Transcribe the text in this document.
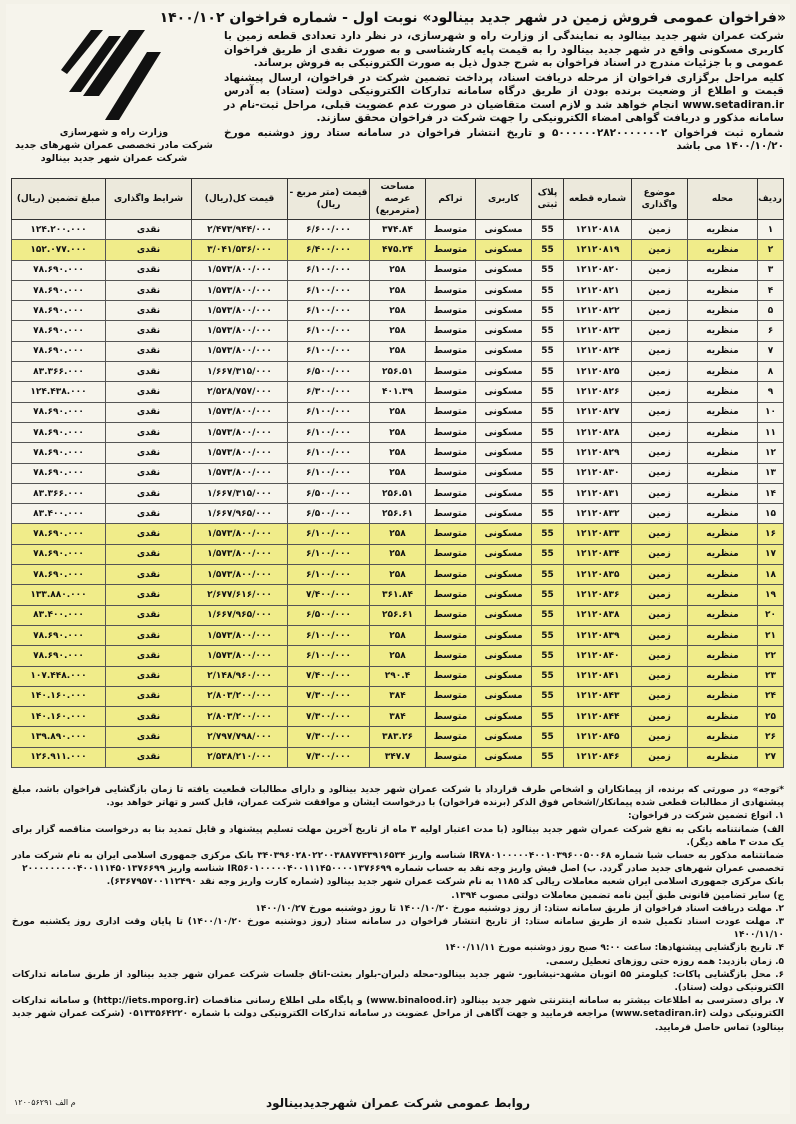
«فراخوان عمومی فروش زمین در شهر جدید بینالود» نوبت اول - شماره فراخوان ۱۴۰۰/۱۰۲
وزارت راه و شهرسازی
شرکت مادر تخصصی عمران شهرهای جدید
شرکت عمران شهر جدید بینالود

شرکت عمران شهر جدید بینالود به نمایندگی از وزارت راه و شهرسازی، در نظر دارد تعدادی قطعه زمین با کاربری مسکونی واقع در شهر جدید بینالود را به قیمت پایه کارشناسی و به صورت نقدی از طریق فراخوان عمومی و با جزئیات مندرج در اسناد فراخوان به شرح جدول ذیل به صورت الکترونیکی به فروش برساند.

کلیه مراحل برگزاری فراخوان از مرحله دریافت اسناد، پرداخت تضمین شرکت در فراخوان، ارسال پیشنهاد قیمت و اطلاع از وضعیت برنده بودن از طریق درگاه سامانه تدارکات الکترونیکی دولت (ستاد) به آدرس www.setadiran.ir انجام خواهد شد و لازم است متقاضیان در صورت عدم عضویت قبلی، مراحل ثبت-نام در سامانه مذکور و دریافت گواهی امضاء الکترونیکی را جهت شرکت در فراخوان محقق سازند.

شماره ثبت فراخوان ۵۰۰۰۰۰۰۲۸۲۰۰۰۰۰۰۰۲ و تاریخ انتشار فراخوان در سامانه ستاد روز دوشنبه مورخ ۱۴۰۰/۱۰/۲۰ می باشد

ردیف	محله	موضوع واگذاری	شماره قطعه	پلاک ثبتی	کاربری	تراکم	مساحت عرصه (مترمربع)	قیمت (متر مربع - ریال)	قیمت کل(ریال)	شرایط واگذاری	مبلغ تضمین (ریال)
۱	منظریه	زمین	۱۲۱۲۰۸۱۸	55	مسکونی	متوسط	۳۷۴.۸۴	۶/۶۰۰/۰۰۰	۲/۴۷۳/۹۴۴/۰۰۰	نقدی	۱۲۴.۲۰۰.۰۰۰
۲	منظریه	زمین	۱۲۱۲۰۸۱۹	55	مسکونی	متوسط	۴۷۵.۲۴	۶/۴۰۰/۰۰۰	۳/۰۴۱/۵۳۶/۰۰۰	نقدی	۱۵۲.۰۷۷.۰۰۰
۳	منظریه	زمین	۱۲۱۲۰۸۲۰	55	مسکونی	متوسط	۲۵۸	۶/۱۰۰/۰۰۰	۱/۵۷۳/۸۰۰/۰۰۰	نقدی	۷۸.۶۹۰.۰۰۰
۴	منظریه	زمین	۱۲۱۲۰۸۲۱	55	مسکونی	متوسط	۲۵۸	۶/۱۰۰/۰۰۰	۱/۵۷۳/۸۰۰/۰۰۰	نقدی	۷۸.۶۹۰.۰۰۰
۵	منظریه	زمین	۱۲۱۲۰۸۲۲	55	مسکونی	متوسط	۲۵۸	۶/۱۰۰/۰۰۰	۱/۵۷۳/۸۰۰/۰۰۰	نقدی	۷۸.۶۹۰.۰۰۰
۶	منظریه	زمین	۱۲۱۲۰۸۲۳	55	مسکونی	متوسط	۲۵۸	۶/۱۰۰/۰۰۰	۱/۵۷۳/۸۰۰/۰۰۰	نقدی	۷۸.۶۹۰.۰۰۰
۷	منظریه	زمین	۱۲۱۲۰۸۲۴	55	مسکونی	متوسط	۲۵۸	۶/۱۰۰/۰۰۰	۱/۵۷۳/۸۰۰/۰۰۰	نقدی	۷۸.۶۹۰.۰۰۰
۸	منظریه	زمین	۱۲۱۲۰۸۲۵	55	مسکونی	متوسط	۲۵۶.۵۱	۶/۵۰۰/۰۰۰	۱/۶۶۷/۳۱۵/۰۰۰	نقدی	۸۳.۳۶۶.۰۰۰
۹	منظریه	زمین	۱۲۱۲۰۸۲۶	55	مسکونی	متوسط	۴۰۱.۳۹	۶/۳۰۰/۰۰۰	۲/۵۲۸/۷۵۷/۰۰۰	نقدی	۱۲۴.۴۳۸.۰۰۰
۱۰	منظریه	زمین	۱۲۱۲۰۸۲۷	55	مسکونی	متوسط	۲۵۸	۶/۱۰۰/۰۰۰	۱/۵۷۳/۸۰۰/۰۰۰	نقدی	۷۸.۶۹۰.۰۰۰
۱۱	منظریه	زمین	۱۲۱۲۰۸۲۸	55	مسکونی	متوسط	۲۵۸	۶/۱۰۰/۰۰۰	۱/۵۷۳/۸۰۰/۰۰۰	نقدی	۷۸.۶۹۰.۰۰۰
۱۲	منظریه	زمین	۱۲۱۲۰۸۲۹	55	مسکونی	متوسط	۲۵۸	۶/۱۰۰/۰۰۰	۱/۵۷۳/۸۰۰/۰۰۰	نقدی	۷۸.۶۹۰.۰۰۰
۱۳	منظریه	زمین	۱۲۱۲۰۸۳۰	55	مسکونی	متوسط	۲۵۸	۶/۱۰۰/۰۰۰	۱/۵۷۳/۸۰۰/۰۰۰	نقدی	۷۸.۶۹۰.۰۰۰
۱۴	منظریه	زمین	۱۲۱۲۰۸۳۱	55	مسکونی	متوسط	۲۵۶.۵۱	۶/۵۰۰/۰۰۰	۱/۶۶۷/۳۱۵/۰۰۰	نقدی	۸۳.۳۶۶.۰۰۰
۱۵	منظریه	زمین	۱۲۱۲۰۸۳۲	55	مسکونی	متوسط	۲۵۶.۶۱	۶/۵۰۰/۰۰۰	۱/۶۶۷/۹۶۵/۰۰۰	نقدی	۸۳.۴۰۰.۰۰۰
۱۶	منظریه	زمین	۱۲۱۲۰۸۳۳	55	مسکونی	متوسط	۲۵۸	۶/۱۰۰/۰۰۰	۱/۵۷۳/۸۰۰/۰۰۰	نقدی	۷۸.۶۹۰.۰۰۰
۱۷	منظریه	زمین	۱۲۱۲۰۸۳۴	55	مسکونی	متوسط	۲۵۸	۶/۱۰۰/۰۰۰	۱/۵۷۳/۸۰۰/۰۰۰	نقدی	۷۸.۶۹۰.۰۰۰
۱۸	منظریه	زمین	۱۲۱۲۰۸۳۵	55	مسکونی	متوسط	۲۵۸	۶/۱۰۰/۰۰۰	۱/۵۷۳/۸۰۰/۰۰۰	نقدی	۷۸.۶۹۰.۰۰۰
۱۹	منظریه	زمین	۱۲۱۲۰۸۳۶	55	مسکونی	متوسط	۳۶۱.۸۴	۷/۴۰۰/۰۰۰	۲/۶۷۷/۶۱۶/۰۰۰	نقدی	۱۳۳.۸۸۰.۰۰۰
۲۰	منظریه	زمین	۱۲۱۲۰۸۳۸	55	مسکونی	متوسط	۲۵۶.۶۱	۶/۵۰۰/۰۰۰	۱/۶۶۷/۹۶۵/۰۰۰	نقدی	۸۳.۴۰۰.۰۰۰
۲۱	منظریه	زمین	۱۲۱۲۰۸۳۹	55	مسکونی	متوسط	۲۵۸	۶/۱۰۰/۰۰۰	۱/۵۷۳/۸۰۰/۰۰۰	نقدی	۷۸.۶۹۰.۰۰۰
۲۲	منظریه	زمین	۱۲۱۲۰۸۴۰	55	مسکونی	متوسط	۲۵۸	۶/۱۰۰/۰۰۰	۱/۵۷۳/۸۰۰/۰۰۰	نقدی	۷۸.۶۹۰.۰۰۰
۲۳	منظریه	زمین	۱۲۱۲۰۸۴۱	55	مسکونی	متوسط	۲۹۰.۴	۷/۴۰۰/۰۰۰	۲/۱۴۸/۹۶۰/۰۰۰	نقدی	۱۰۷.۴۴۸.۰۰۰
۲۴	منظریه	زمین	۱۲۱۲۰۸۴۳	55	مسکونی	متوسط	۳۸۴	۷/۳۰۰/۰۰۰	۲/۸۰۳/۲۰۰/۰۰۰	نقدی	۱۴۰.۱۶۰.۰۰۰
۲۵	منظریه	زمین	۱۲۱۲۰۸۴۴	55	مسکونی	متوسط	۳۸۴	۷/۳۰۰/۰۰۰	۲/۸۰۳/۲۰۰/۰۰۰	نقدی	۱۴۰.۱۶۰.۰۰۰
۲۶	منظریه	زمین	۱۲۱۲۰۸۴۵	55	مسکونی	متوسط	۳۸۳.۲۶	۷/۳۰۰/۰۰۰	۲/۷۹۷/۷۹۸/۰۰۰	نقدی	۱۳۹.۸۹۰.۰۰۰
۲۷	منظریه	زمین	۱۲۱۲۰۸۴۶	55	مسکونی	متوسط	۳۴۷.۷	۷/۳۰۰/۰۰۰	۲/۵۳۸/۲۱۰/۰۰۰	نقدی	۱۲۶.۹۱۱.۰۰۰

*توجه» در صورتی که برنده، از پیمانکاران و اشخاص طرف قرارداد با شرکت عمران شهر جدید بینالود و دارای مطالبات قطعیت یافته تا زمان بازگشایی فراخوان باشد، مبلغ پیشنهادی از مطالبات قطعی شده پیمانکار/اشخاص فوق الذکر (برنده فراخوان) با درخواست ایشان و موافقت شرکت عمران، قابل کسر و تهاتر خواهد بود.

۱. انواع تضمین شرکت در فراخوان:

الف) ضمانتنامه بانکی به نفع شرکت عمران شهر جدید بینالود (با مدت اعتبار اولیه ۳ ماه از تاریخ آخرین مهلت تسلیم پیشنهاد و قابل تمدید بنا به درخواست مناقصه گزار برای یک مدت ۳ ماهه دیگر).

ضمانتنامه مذکور به حساب شبا شماره IR۷۸۰۱۰۰۰۰۰۴۰۰۱۰۳۹۶۰۰۵۰۰۶۸ شناسه واریز ۳۴۰۳۹۶۰۲۸۰۲۲۰۰۳۸۸۷۷۴۳۹۱۶۵۳۴ بانک مرکزی جمهوری اسلامی ایران به نام شرکت مادر تخصصی عمران شهرهای جدید صادر گردد. ب) اصل فیش واریز وجه نقد به حساب شماره IR۵۶۰۱۰۰۰۰۰۴۰۰۱۱۱۴۵۰۰۰۰۱۳۷۶۶۹۹ شناسه واریز ۲۰۰۰۰۰۰۰۰۰۴۰۰۱۱۱۴۵۰۱۳۷۶۶۹۹

بانک مرکزی جمهوری اسلامی ایران شعبه معاملات ریالی کد ۱۱۸۵ به نام شرکت عمران شهر جدید بینالود (شماره کارت واریز وجه نقد ۶۳۶۷۹۵۷۰۰۱۱۲۴۹۰).

ج) سایر تضامین قانونی طبق آیین نامه تضمین معاملات دولتی مصوب ۱۳۹۴.

۲. مهلت دریافت اسناد فراخوان از طریق سامانه ستاد: از روز دوشنبه مورخ ۱۴۰۰/۱۰/۲۰ تا روز دوشنبه مورخ ۱۴۰۰/۱۰/۲۷

۳. مهلت عودت اسناد تکمیل شده از طریق سامانه ستاد: از تاریخ انتشار فراخوان در سامانه ستاد (روز دوشنبه مورخ ۱۴۰۰/۱۰/۲۰) تا پایان وقت اداری روز یکشنبه مورخ ۱۴۰۰/۱۱/۱۰

۴. تاریخ بازگشایی پیشنهادها: ساعت ۹:۰۰ صبح روز دوشنبه مورخ ۱۴۰۰/۱۱/۱۱

۵. زمان بازدید: همه روزه حتی روزهای تعطیل رسمی.

۶. محل بازگشایی پاکات: کیلومتر ۵۵ اتوبان مشهد-نیشابور- شهر جدید بینالود-محله دلبران-بلوار بعثت-اتاق جلسات شرکت عمران شهر جدید بینالود از طریق سامانه تدارکات الکترونیکی دولت (ستاد).

۷. برای دسترسی به اطلاعات بیشتر به سامانه اینترنتی شهر جدید بینالود (www.binalood.ir) و پایگاه ملی اطلاع رسانی مناقصات (http://iets.mporg.ir) و سامانه تدارکات الکترونیکی دولت (www.setadiran.ir) مراجعه فرمایید و جهت آگاهی از مراحل عضویت در سامانه تدارکات الکترونیکی دولت با شماره ۰۵۱۳۳۵۶۴۲۲۰ (شرکت عمران شهر جدید بینالود) تماس حاصل فرمایید.

روابط عمومی شرکت عمران شهرجدیدبینالود
م الف ۱۲۰۰۵۶۲۹۱
